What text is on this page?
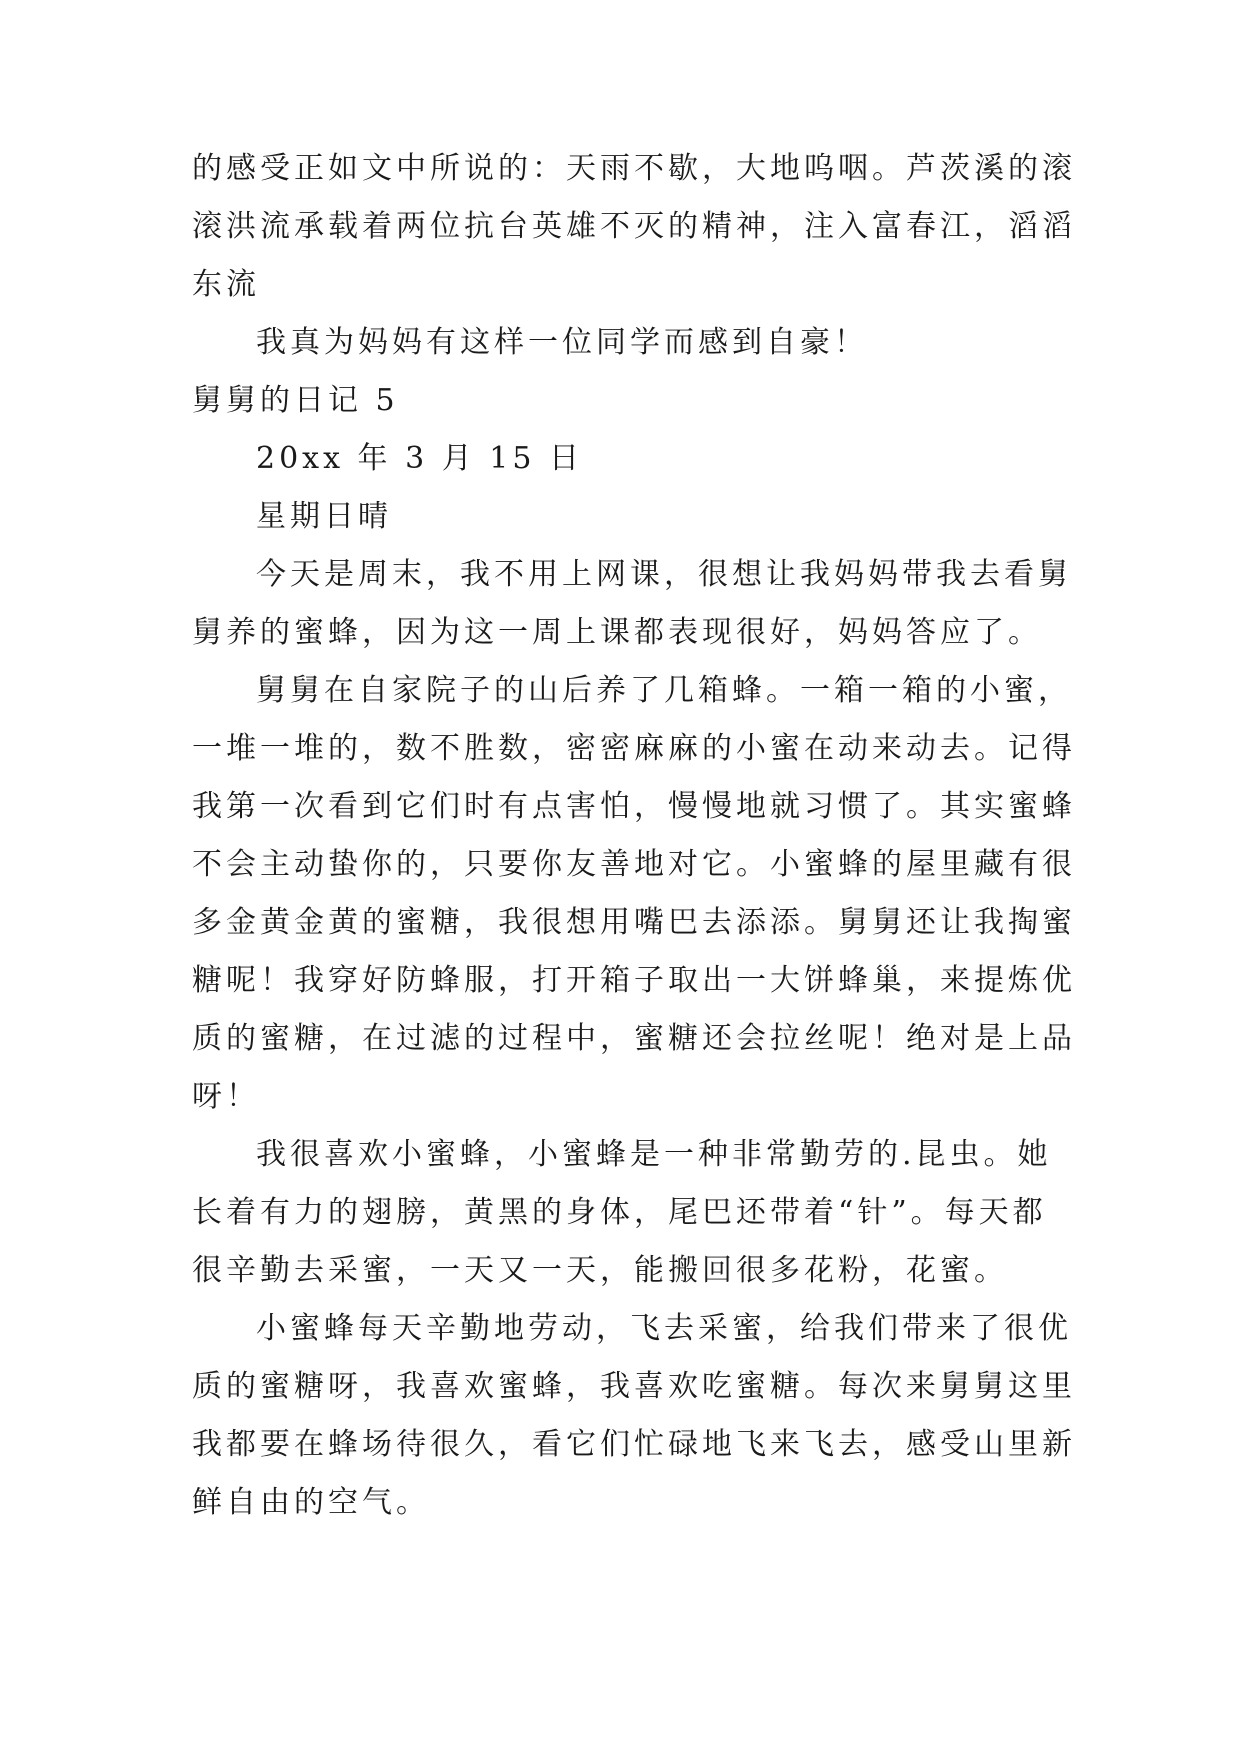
的感受正如文中所说的：天雨不歇，大地呜咽。芦茨溪的滚
滚洪流承载着两位抗台英雄不灭的精神，注入富春江，滔滔
东流
我真为妈妈有这样一位同学而感到自豪！
舅舅的日记 5
20xx 年 3 月 15 日
星期日晴
今天是周末，我不用上网课，很想让我妈妈带我去看舅
舅养的蜜蜂，因为这一周上课都表现很好，妈妈答应了。
舅舅在自家院子的山后养了几箱蜂。一箱一箱的小蜜，
一堆一堆的，数不胜数，密密麻麻的小蜜在动来动去。记得
我第一次看到它们时有点害怕，慢慢地就习惯了。其实蜜蜂
不会主动蛰你的，只要你友善地对它。小蜜蜂的屋里藏有很
多金黄金黄的蜜糖，我很想用嘴巴去添添。舅舅还让我掏蜜
糖呢！我穿好防蜂服，打开箱子取出一大饼蜂巢，来提炼优
质的蜜糖，在过滤的过程中，蜜糖还会拉丝呢！绝对是上品
呀！
我很喜欢小蜜蜂，小蜜蜂是一种非常勤劳的.昆虫。她
长着有力的翅膀，黄黑的身体，尾巴还带着“针”。每天都
很辛勤去采蜜，一天又一天，能搬回很多花粉，花蜜。
小蜜蜂每天辛勤地劳动，飞去采蜜，给我们带来了很优
质的蜜糖呀，我喜欢蜜蜂，我喜欢吃蜜糖。每次来舅舅这里
我都要在蜂场待很久，看它们忙碌地飞来飞去，感受山里新
鲜自由的空气。
